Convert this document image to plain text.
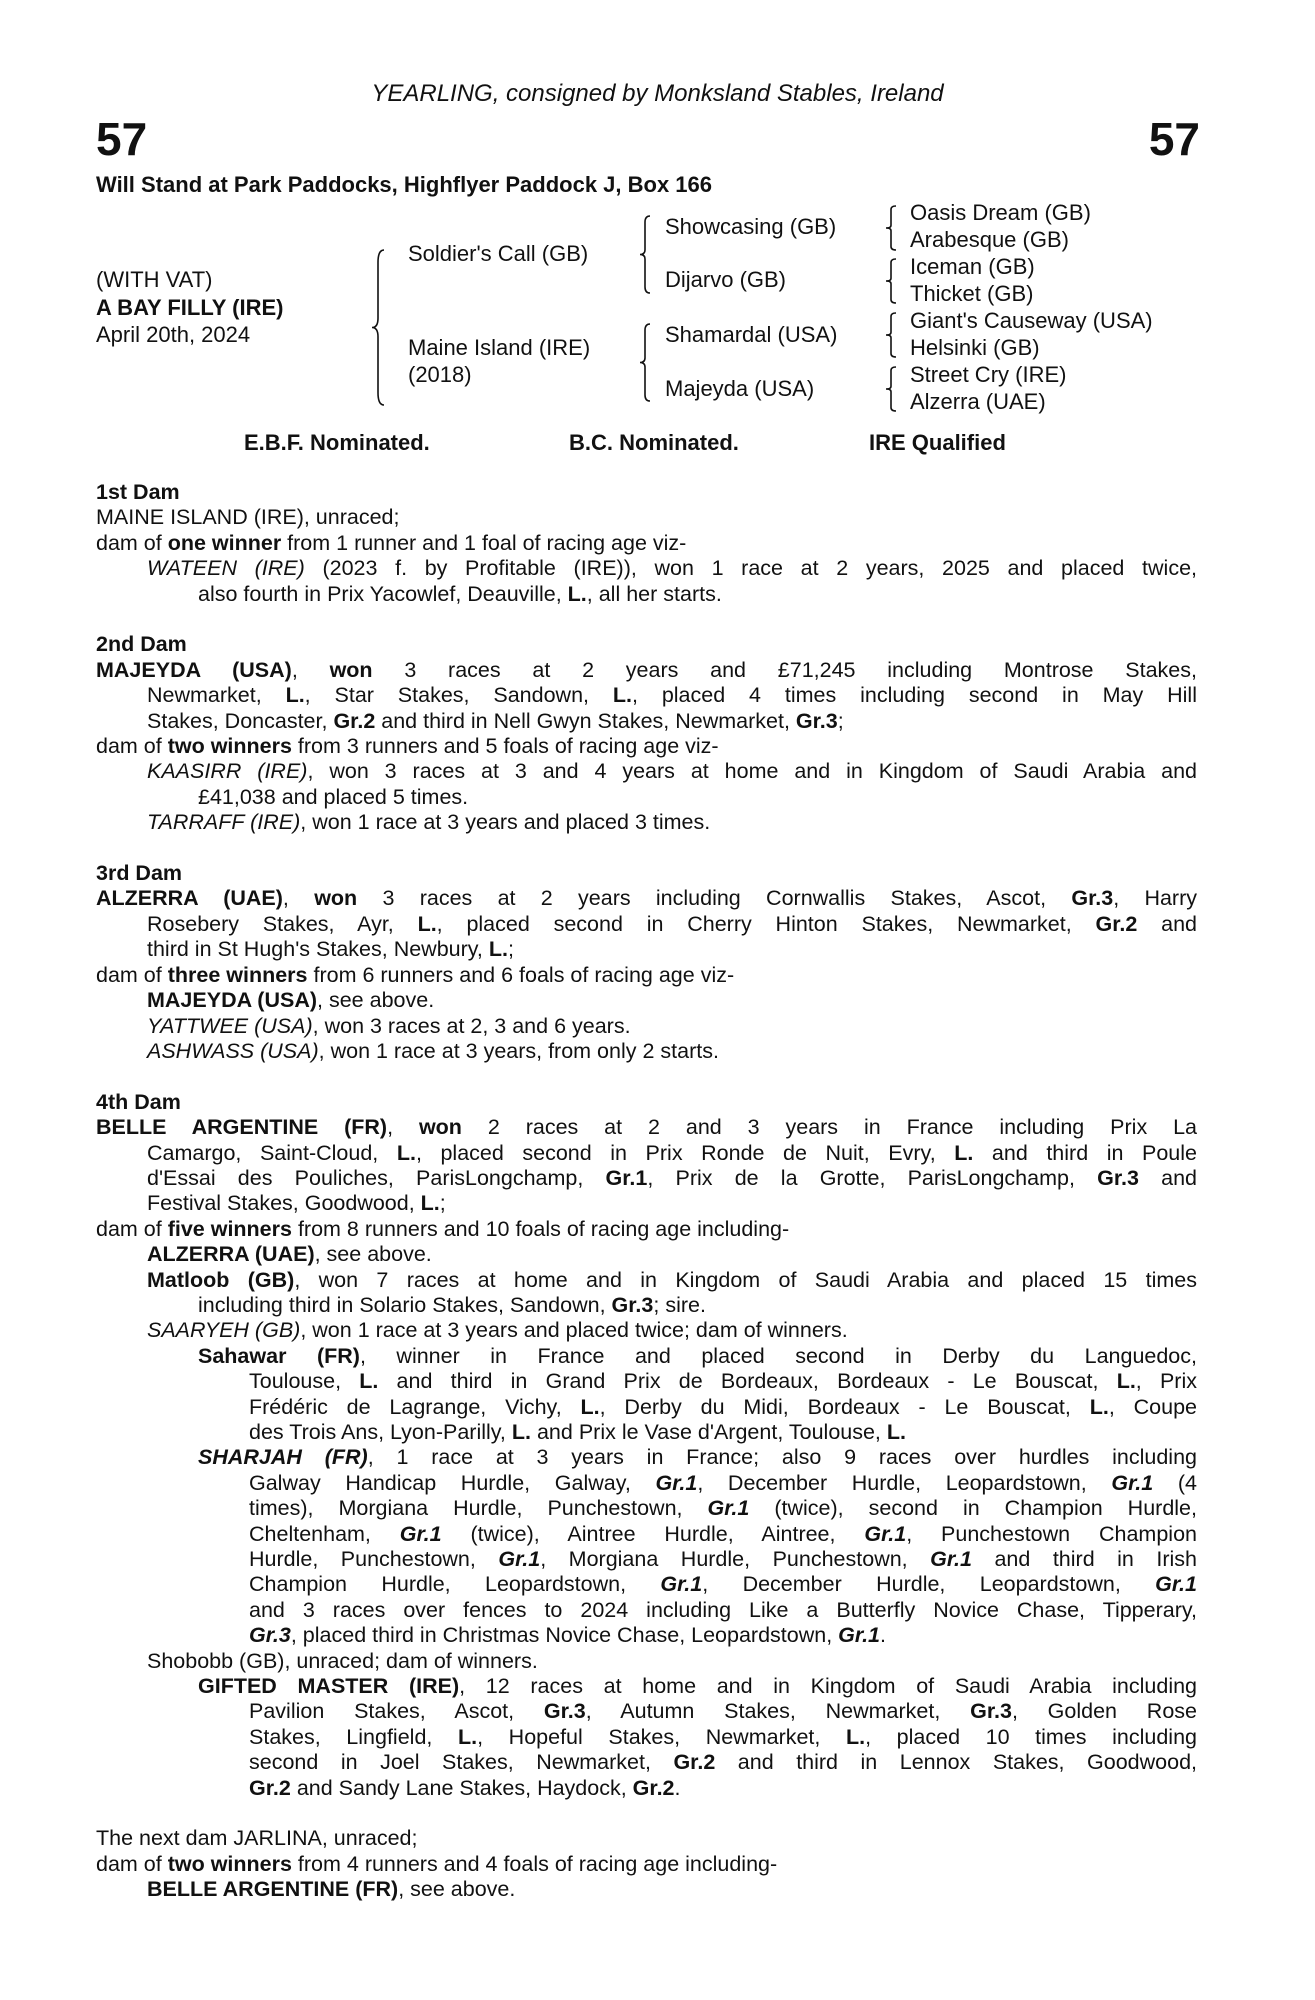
YEARLING, consigned by Monksland Stables, Ireland
57	57
Will Stand at Park Paddocks, Highflyer Paddock J, Box 166
(WITH VAT)
A BAY FILLY (IRE)
April 20th, 2024
Soldier's Call (GB)
Maine Island (IRE)
(2018)
Showcasing (GB)
Dijarvo (GB)
Shamardal (USA)
Majeyda (USA)
Oasis Dream (GB)
Arabesque (GB)
Iceman (GB)
Thicket (GB)
Giant's Causeway (USA)
Helsinki (GB)
Street Cry (IRE)
Alzerra (UAE)
E.B.F. Nominated.	B.C. Nominated.	IRE Qualified
1st Dam
MAINE ISLAND (IRE), unraced;
dam of one winner from 1 runner and 1 foal of racing age viz-
WATEEN (IRE) (2023 f. by Profitable (IRE)), won 1 race at 2 years, 2025 and placed twice,
also fourth in Prix Yacowlef, Deauville, L., all her starts.
2nd Dam
MAJEYDA (USA), won 3 races at 2 years and £71,245 including Montrose Stakes,
Newmarket, L., Star Stakes, Sandown, L., placed 4 times including second in May Hill
Stakes, Doncaster, Gr.2 and third in Nell Gwyn Stakes, Newmarket, Gr.3;
dam of two winners from 3 runners and 5 foals of racing age viz-
KAASIRR (IRE), won 3 races at 3 and 4 years at home and in Kingdom of Saudi Arabia and
£41,038 and placed 5 times.
TARRAFF (IRE), won 1 race at 3 years and placed 3 times.
3rd Dam
ALZERRA (UAE), won 3 races at 2 years including Cornwallis Stakes, Ascot, Gr.3, Harry
Rosebery Stakes, Ayr, L., placed second in Cherry Hinton Stakes, Newmarket, Gr.2 and
third in St Hugh's Stakes, Newbury, L.;
dam of three winners from 6 runners and 6 foals of racing age viz-
MAJEYDA (USA), see above.
YATTWEE (USA), won 3 races at 2, 3 and 6 years.
ASHWASS (USA), won 1 race at 3 years, from only 2 starts.
4th Dam
BELLE ARGENTINE (FR), won 2 races at 2 and 3 years in France including Prix La
Camargo, Saint-Cloud, L., placed second in Prix Ronde de Nuit, Evry, L. and third in Poule
d'Essai des Pouliches, ParisLongchamp, Gr.1, Prix de la Grotte, ParisLongchamp, Gr.3 and
Festival Stakes, Goodwood, L.;
dam of five winners from 8 runners and 10 foals of racing age including-
ALZERRA (UAE), see above.
Matloob (GB), won 7 races at home and in Kingdom of Saudi Arabia and placed 15 times
including third in Solario Stakes, Sandown, Gr.3; sire.
SAARYEH (GB), won 1 race at 3 years and placed twice; dam of winners.
Sahawar (FR), winner in France and placed second in Derby du Languedoc,
Toulouse, L. and third in Grand Prix de Bordeaux, Bordeaux - Le Bouscat, L., Prix
Frédéric de Lagrange, Vichy, L., Derby du Midi, Bordeaux - Le Bouscat, L., Coupe
des Trois Ans, Lyon-Parilly, L. and Prix le Vase d'Argent, Toulouse, L.
SHARJAH (FR), 1 race at 3 years in France; also 9 races over hurdles including
Galway Handicap Hurdle, Galway, Gr.1, December Hurdle, Leopardstown, Gr.1 (4
times), Morgiana Hurdle, Punchestown, Gr.1 (twice), second in Champion Hurdle,
Cheltenham, Gr.1 (twice), Aintree Hurdle, Aintree, Gr.1, Punchestown Champion
Hurdle, Punchestown, Gr.1, Morgiana Hurdle, Punchestown, Gr.1 and third in Irish
Champion Hurdle, Leopardstown, Gr.1, December Hurdle, Leopardstown, Gr.1
and 3 races over fences to 2024 including Like a Butterfly Novice Chase, Tipperary,
Gr.3, placed third in Christmas Novice Chase, Leopardstown, Gr.1.
Shobobb (GB), unraced; dam of winners.
GIFTED MASTER (IRE), 12 races at home and in Kingdom of Saudi Arabia including
Pavilion Stakes, Ascot, Gr.3, Autumn Stakes, Newmarket, Gr.3, Golden Rose
Stakes, Lingfield, L., Hopeful Stakes, Newmarket, L., placed 10 times including
second in Joel Stakes, Newmarket, Gr.2 and third in Lennox Stakes, Goodwood,
Gr.2 and Sandy Lane Stakes, Haydock, Gr.2.
The next dam JARLINA, unraced;
dam of two winners from 4 runners and 4 foals of racing age including-
BELLE ARGENTINE (FR), see above.
